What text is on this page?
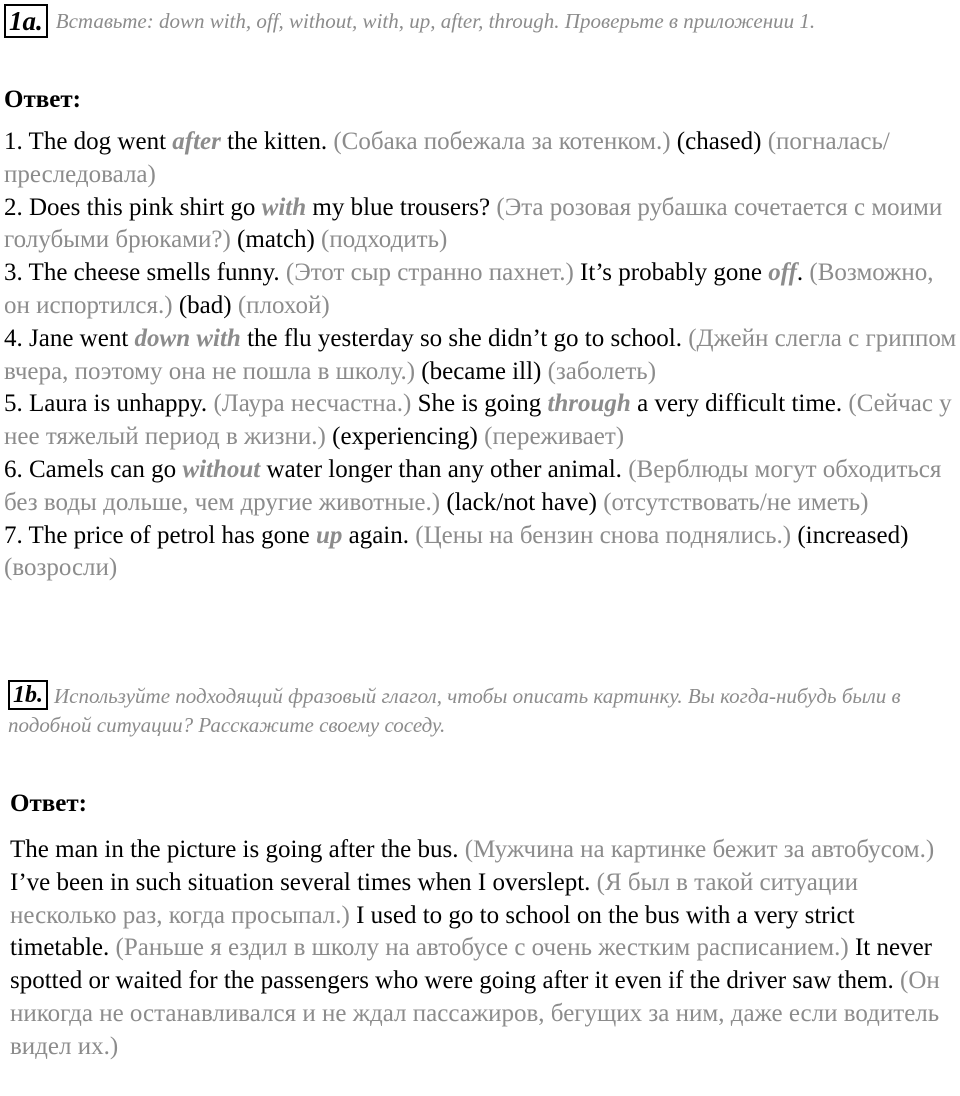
1a. Вставьте: down with, off, without, with, up, after, through. Проверьте в приложении 1.
Ответ:
1. The dog went after the kitten. (Собака побежала за котенком.) (chased) (погналась/преследовала)
2. Does this pink shirt go with my blue trousers? (Эта розовая рубашка сочетается с моими голубыми брюками?) (match) (подходить)
3. The cheese smells funny. (Этот сыр странно пахнет.) It’s probably gone off. (Возможно, он испортился.) (bad) (плохой)
4. Jane went down with the flu yesterday so she didn’t go to school. (Джейн слегла с гриппом вчера, поэтому она не пошла в школу.) (became ill) (заболеть)
5. Laura is unhappy. (Лаура несчастна.) She is going through a very difficult time. (Сейчас у нее тяжелый период в жизни.) (experiencing) (переживает)
6. Camels can go without water longer than any other animal. (Верблюды могут обходиться без воды дольше, чем другие животные.) (lack/not have) (отсутствовать/не иметь)
7. The price of petrol has gone up again. (Цены на бензин снова поднялись.) (increased) (возросли)
1b. Используйте подходящий фразовый глагол, чтобы описать картинку. Вы когда-нибудь были в подобной ситуации? Расскажите своему соседу.
Ответ:
The man in the picture is going after the bus. (Мужчина на картинке бежит за автобусом.)
I’ve been in such situation several times when I overslept. (Я был в такой ситуации несколько раз, когда просыпал.) I used to go to school on the bus with a very strict timetable. (Раньше я ездил в школу на автобусе с очень жестким расписанием.) It never spotted or waited for the passengers who were going after it even if the driver saw them. (Он никогда не останавливался и не ждал пассажиров, бегущих за ним, даже если водитель видел их.)
